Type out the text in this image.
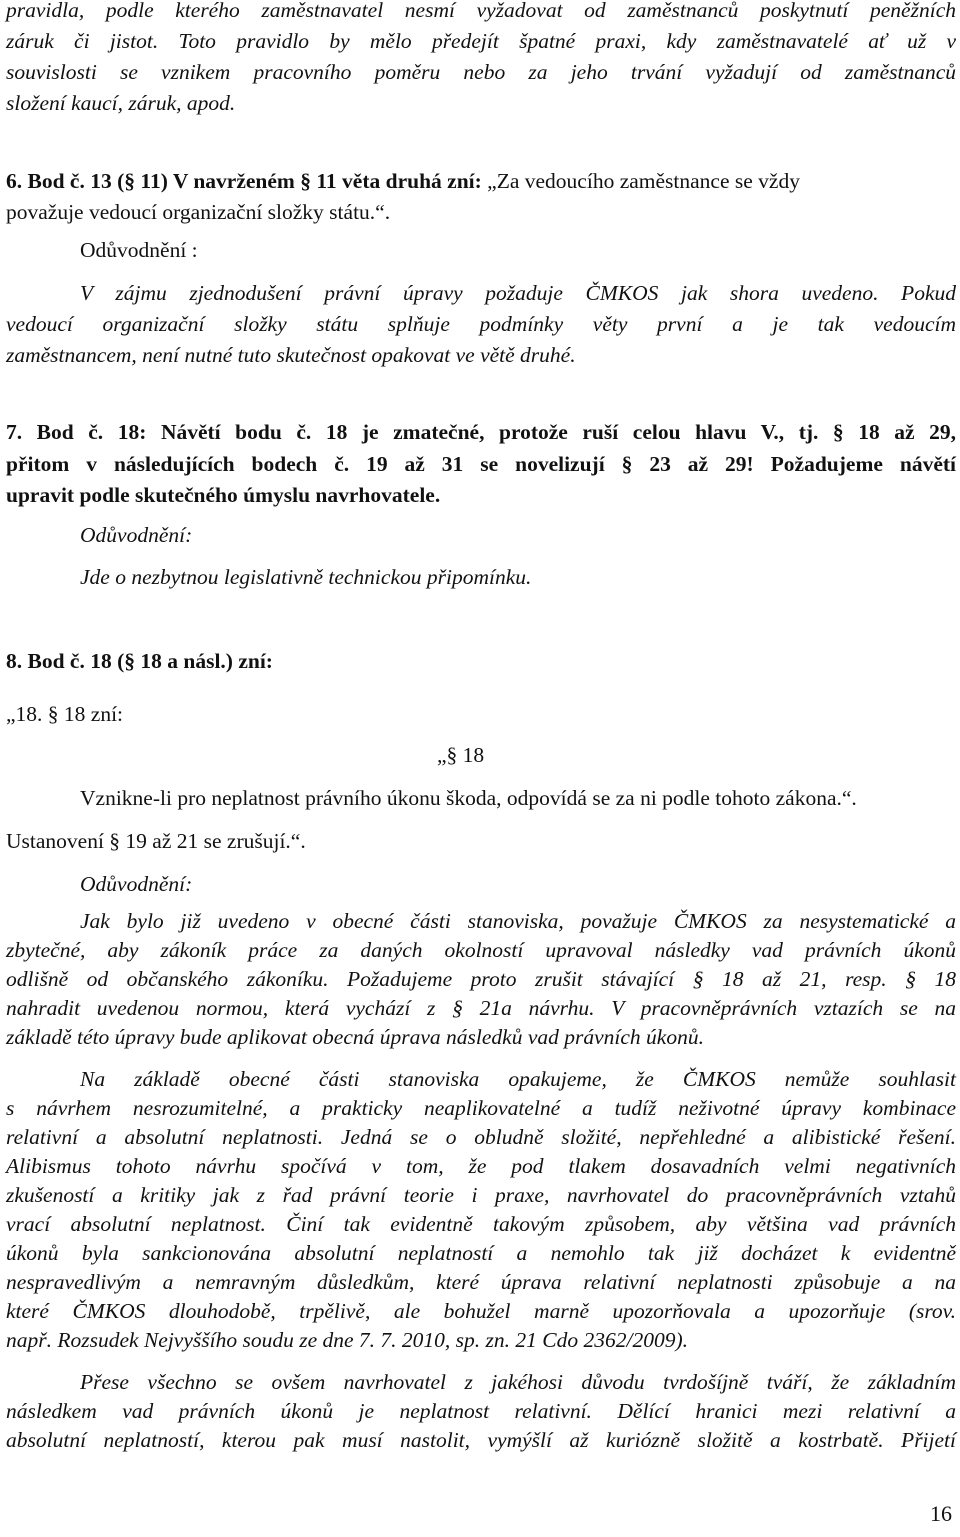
pravidla, podle kterého zaměstnavatel nesmí vyžadovat od zaměstnanců poskytnutí peněžních
záruk či jistot. Toto pravidlo by mělo předejít špatné praxi, kdy zaměstnavatelé ať už v
souvislosti se vznikem pracovního poměru nebo za jeho trvání vyžadují od zaměstnanců
složení kaucí, záruk, apod.
6. Bod č. 13 (§ 11) V navrženém § 11 věta druhá zní: „Za vedoucího zaměstnance se vždy
považuje vedoucí organizační složky státu.“.
Odůvodnění :
V zájmu zjednodušení právní úpravy požaduje ČMKOS jak shora uvedeno. Pokud
vedoucí organizační složky státu splňuje podmínky věty první a je tak vedoucím
zaměstnancem, není nutné tuto skutečnost opakovat ve větě druhé.
7. Bod č. 18: Návětí bodu č. 18 je zmatečné, protože ruší celou hlavu V., tj. § 18 až 29,
přitom v následujících bodech č. 19 až 31 se novelizují § 23 až 29! Požadujeme návětí
upravit podle skutečného úmyslu navrhovatele.
Odůvodnění:
Jde o nezbytnou legislativně technickou připomínku.
8. Bod č. 18 (§ 18 a násl.) zní:
„18. § 18 zní:
„§ 18
Vznikne-li pro neplatnost právního úkonu škoda, odpovídá se za ni podle tohoto zákona.“.
Ustanovení § 19 až 21 se zrušují.“.
Odůvodnění:
Jak bylo již uvedeno v obecné části stanoviska, považuje ČMKOS za nesystematické a
zbytečné, aby zákoník práce za daných okolností upravoval následky vad právních úkonů
odlišně od občanského zákoníku. Požadujeme proto zrušit stávající § 18 až 21, resp. § 18
nahradit uvedenou normou, která vychází z § 21a návrhu. V pracovněprávních vztazích se na
základě této úpravy bude aplikovat obecná úprava následků vad právních úkonů.
Na základě obecné části stanoviska opakujeme, že ČMKOS nemůže souhlasit
s návrhem nesrozumitelné, a prakticky neaplikovatelné a tudíž neživotné úpravy kombinace
relativní a absolutní neplatnosti. Jedná se o obludně složité, nepřehledné a alibistické řešení.
Alibismus tohoto návrhu spočívá v tom, že pod tlakem dosavadních velmi negativních
zkušeností a kritiky jak z řad právní teorie i praxe, navrhovatel do pracovněprávních vztahů
vrací absolutní neplatnost. Činí tak evidentně takovým způsobem, aby většina vad právních
úkonů byla sankcionována absolutní neplatností a nemohlo tak již docházet k evidentně
nespravedlivým a nemravným důsledkům, které úprava relativní neplatnosti způsobuje a na
které ČMKOS dlouhodobě, trpělivě, ale bohužel marně upozorňovala a upozorňuje (srov.
např. Rozsudek Nejvyššího soudu ze dne 7. 7. 2010, sp. zn. 21 Cdo 2362/2009).
Přese všechno se ovšem navrhovatel z jakéhosi důvodu tvrdošíjně tváří, že základním
následkem vad právních úkonů je neplatnost relativní. Dělící hranici mezi relativní a
absolutní neplatností, kterou pak musí nastolit, vymýšlí až kuriózně složitě a kostrbatě. Přijetí
16
